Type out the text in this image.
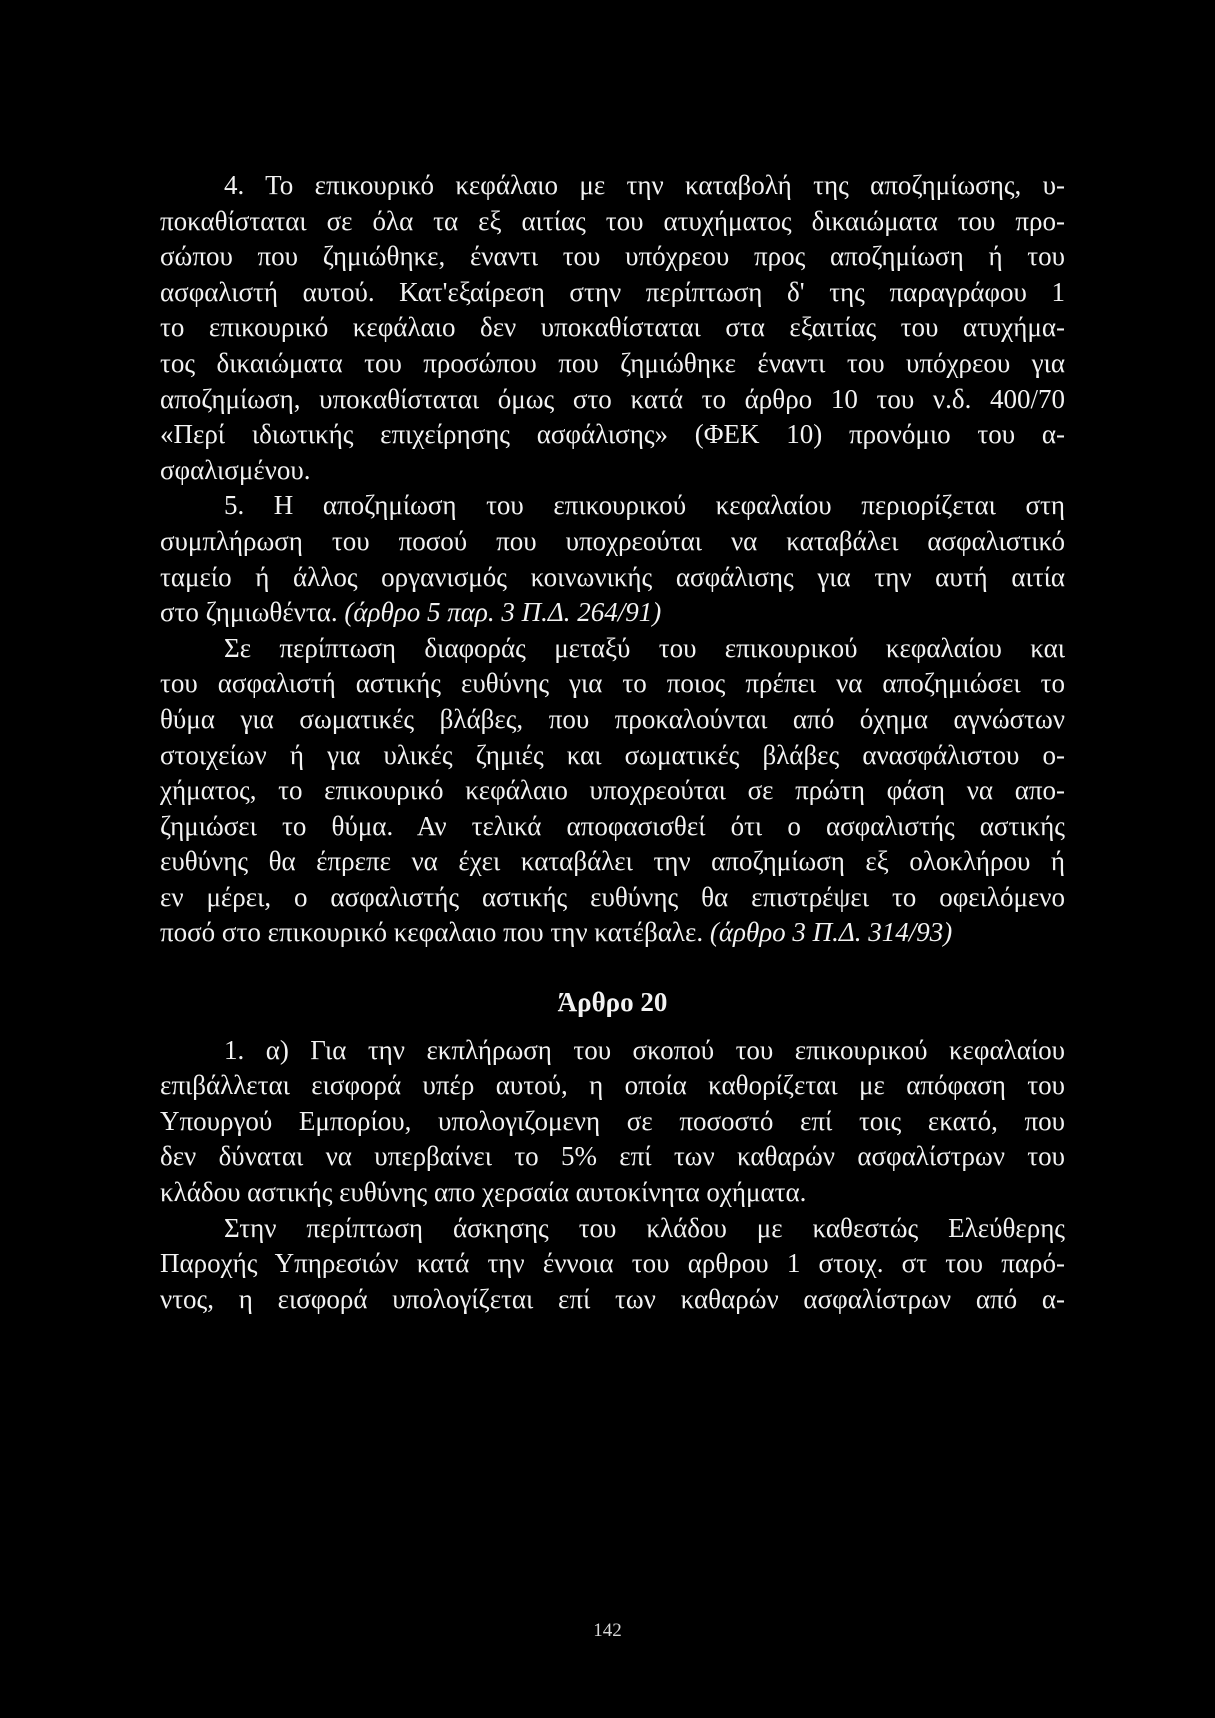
4. Το επικουρικό κεφάλαιο με την καταβολή της αποζημίωσης, υ-
ποκαθίσταται σε όλα τα εξ αιτίας του ατυχήματος δικαιώματα του προ-
σώπου που ζημιώθηκε, έναντι του υπόχρεου προς αποζημίωση ή του
ασφαλιστή αυτού. Κατ'εξαίρεση στην περίπτωση δ' της παραγράφου 1
το επικουρικό κεφάλαιο δεν υποκαθίσταται στα εξαιτίας του ατυχήμα-
τος δικαιώματα του προσώπου που ζημιώθηκε έναντι του υπόχρεου για
αποζημίωση, υποκαθίσταται όμως στο κατά το άρθρο 10 του ν.δ. 400/70
«Περί ιδιωτικής επιχείρησης ασφάλισης» (ΦΕΚ 10) προνόμιο του α-
σφαλισμένου.
5. Η αποζημίωση του επικουρικού κεφαλαίου περιορίζεται στη
συμπλήρωση του ποσού που υποχρεούται να καταβάλει ασφαλιστικό
ταμείο ή άλλος οργανισμός κοινωνικής ασφάλισης για την αυτή αιτία
στο ζημιωθέντα. (άρθρο 5 παρ. 3 Π.Δ. 264/91)
Σε περίπτωση διαφοράς μεταξύ του επικουρικού κεφαλαίου και
του ασφαλιστή αστικής ευθύνης για το ποιος πρέπει να αποζημιώσει το
θύμα για σωματικές βλάβες, που προκαλούνται από όχημα αγνώστων
στοιχείων ή για υλικές ζημιές και σωματικές βλάβες ανασφάλιστου ο-
χήματος, το επικουρικό κεφάλαιο υποχρεούται σε πρώτη φάση να απο-
ζημιώσει το θύμα. Αν τελικά αποφασισθεί ότι ο ασφαλιστής αστικής
ευθύνης θα έπρεπε να έχει καταβάλει την αποζημίωση εξ ολοκλήρου ή
εν μέρει, ο ασφαλιστής αστικής ευθύνης θα επιστρέψει το οφειλόμενο
ποσό στο επικουρικό κεφαλαιο που την κατέβαλε. (άρθρο 3 Π.Δ. 314/93)
Άρθρο 20
1. α) Για την εκπλήρωση του σκοπού του επικουρικού κεφαλαίου
επιβάλλεται εισφορά υπέρ αυτού, η οποία καθορίζεται με απόφαση του
Υπουργού Εμπορίου, υπολογιζομενη σε ποσοστό επί τοις εκατό, που
δεν δύναται να υπερβαίνει το 5% επί των καθαρών ασφαλίστρων του
κλάδου αστικής ευθύνης απο χερσαία αυτοκίνητα οχήματα.
Στην περίπτωση άσκησης του κλάδου με καθεστώς Ελεύθερης
Παροχής Υπηρεσιών κατά την έννοια του αρθρου 1 στοιχ. στ του παρό-
ντος, η εισφορά υπολογίζεται επί των καθαρών ασφαλίστρων από α-
142
